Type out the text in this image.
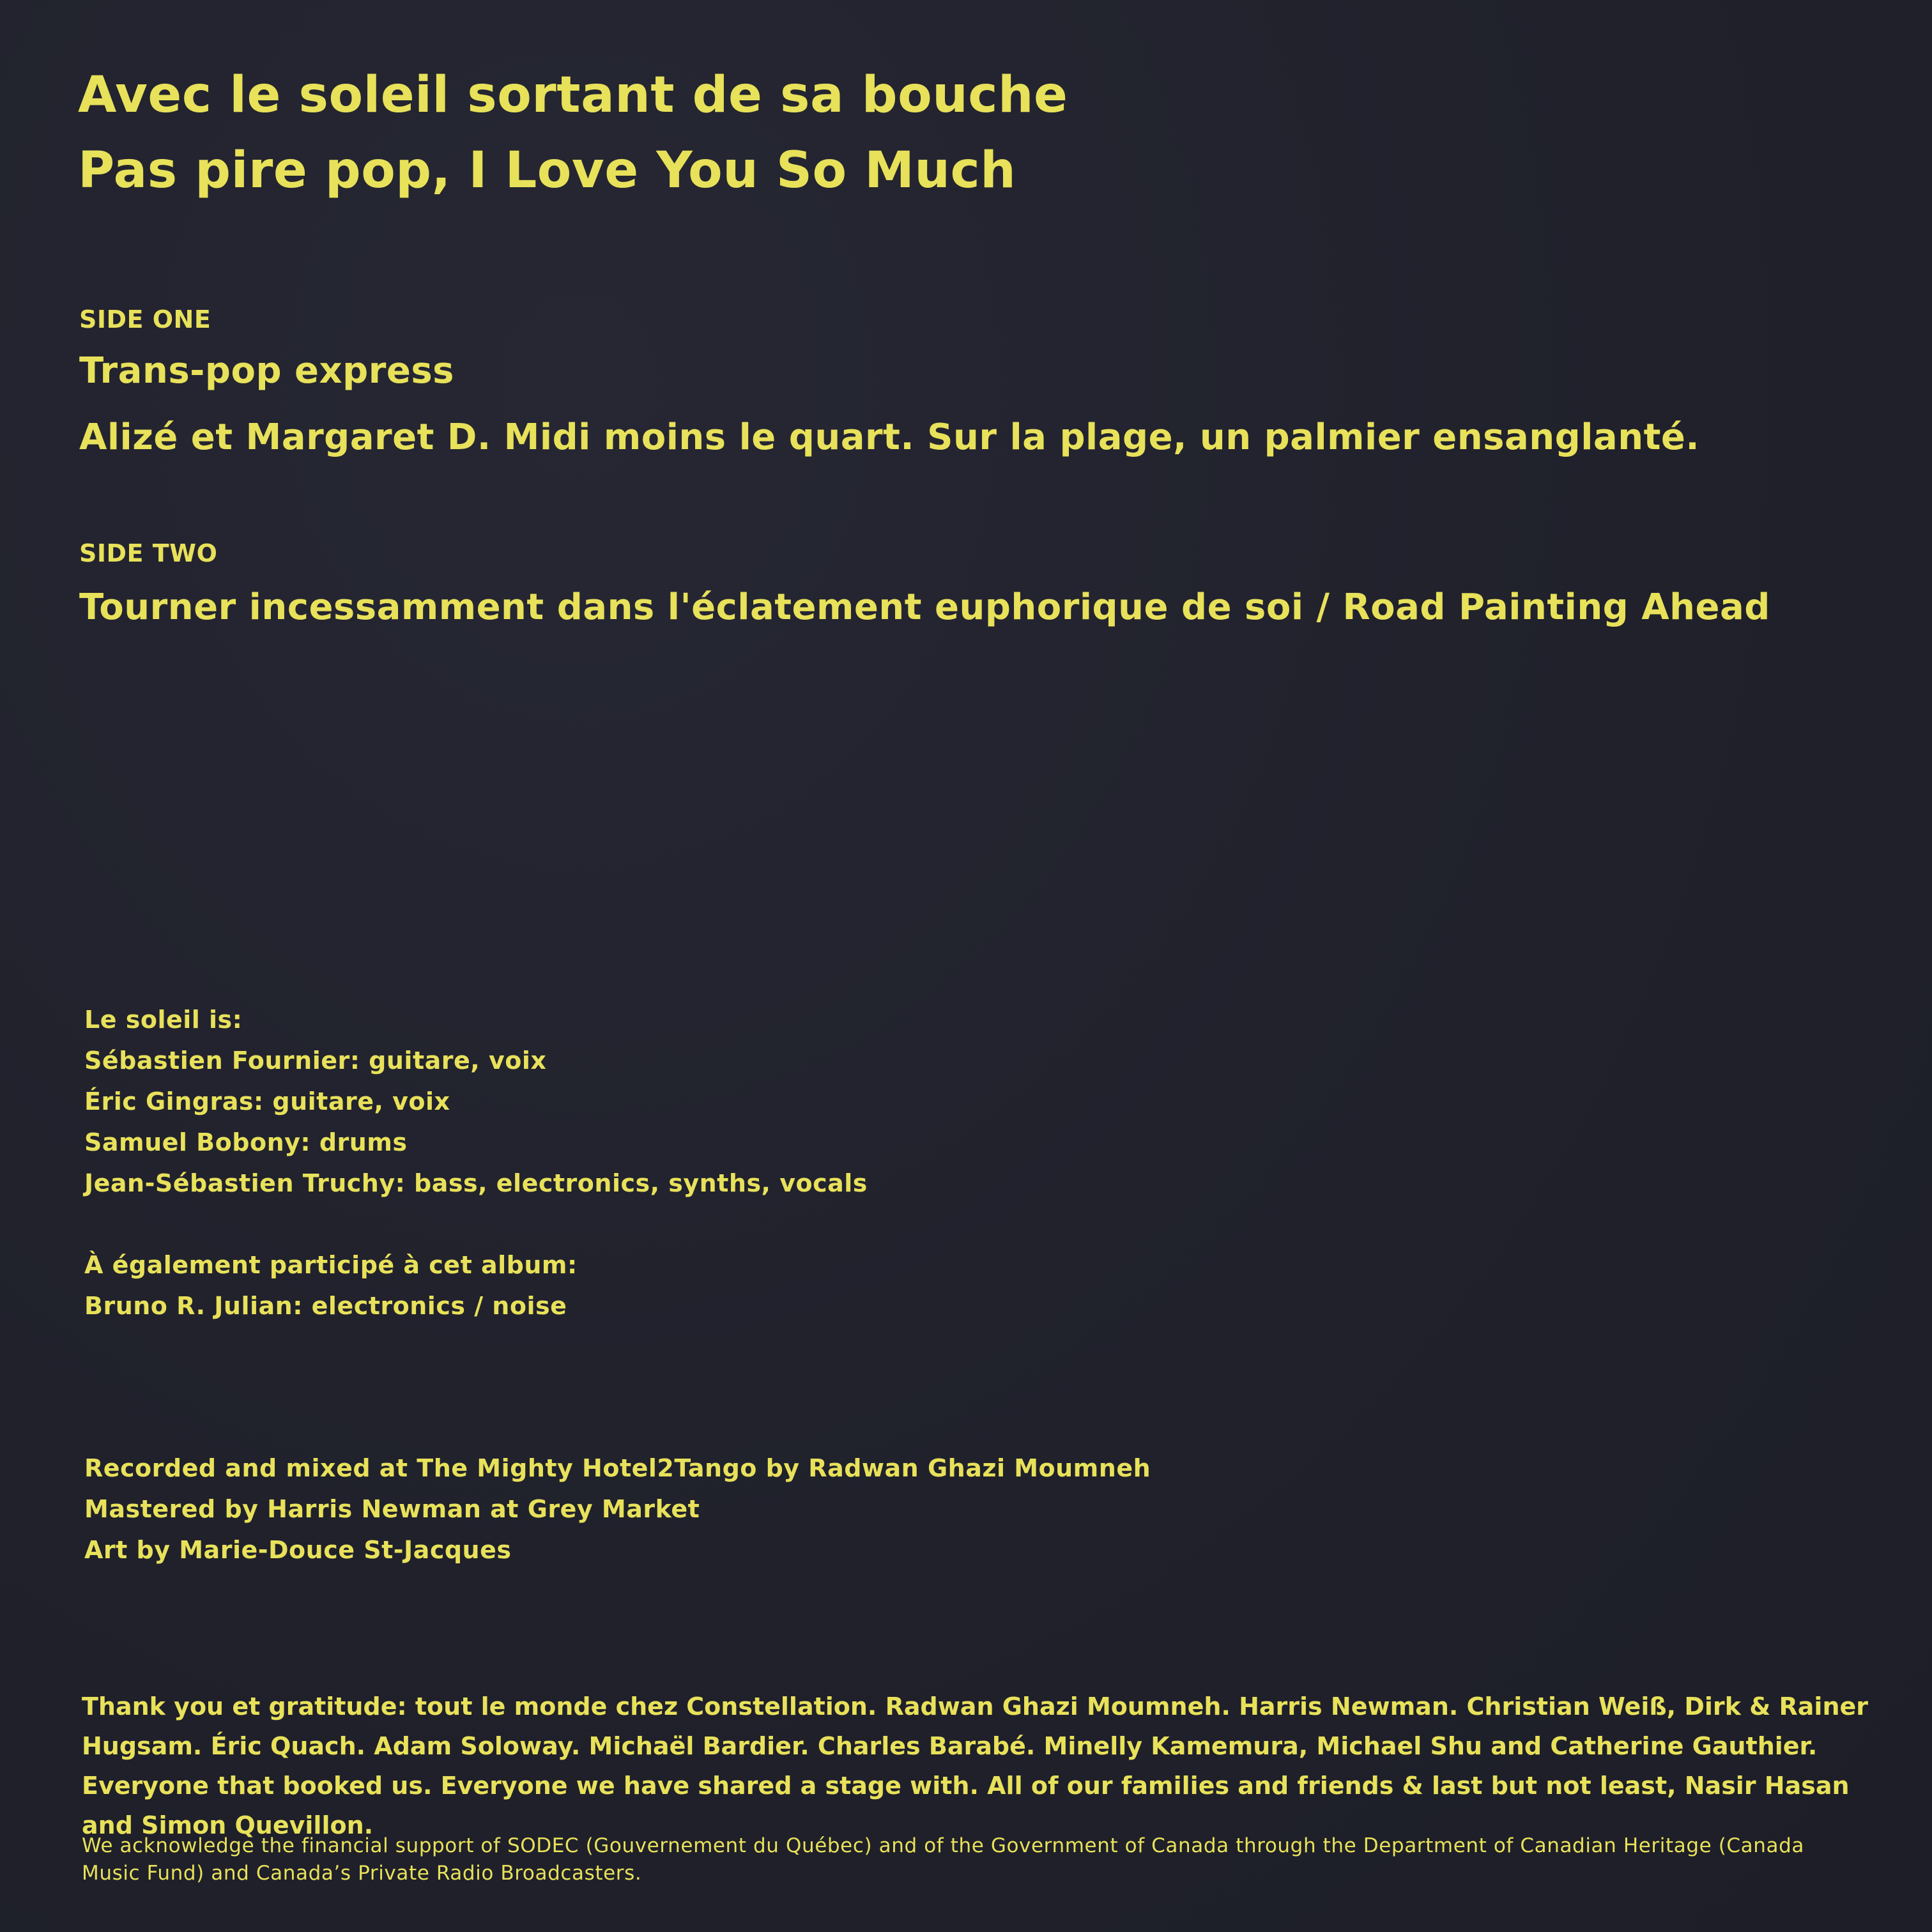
Avec le soleil sortant de sa bouche
Pas pire pop, I Love You So Much
SIDE ONE
Trans-pop express
Alizé et Margaret D. Midi moins le quart. Sur la plage, un palmier ensanglanté.
SIDE TWO
Tourner incessamment dans l'éclatement euphorique de soi / Road Painting Ahead
Le soleil is:
Sébastien Fournier: guitare, voix
Éric Gingras: guitare, voix
Samuel Bobony: drums
Jean-Sébastien Truchy: bass, electronics, synths, vocals
À également participé à cet album:
Bruno R. Julian: electronics / noise
Recorded and mixed at The Mighty Hotel2Tango by Radwan Ghazi Moumneh
Mastered by Harris Newman at Grey Market
Art by Marie-Douce St-Jacques
Thank you et gratitude: tout le monde chez Constellation. Radwan Ghazi Moumneh. Harris Newman. Christian Weiß, Dirk & Rainer Hugsam. Éric Quach. Adam Soloway. Michaël Bardier. Charles Barabé. Minelly Kamemura, Michael Shu and Catherine Gauthier. Everyone that booked us. Everyone we have shared a stage with. All of our families and friends & last but not least, Nasir Hasan and Simon Quevillon.
We acknowledge the financial support of SODEC (Gouvernement du Québec) and of the Government of Canada through the Department of Canadian Heritage (Canada Music Fund) and Canada’s Private Radio Broadcasters.
